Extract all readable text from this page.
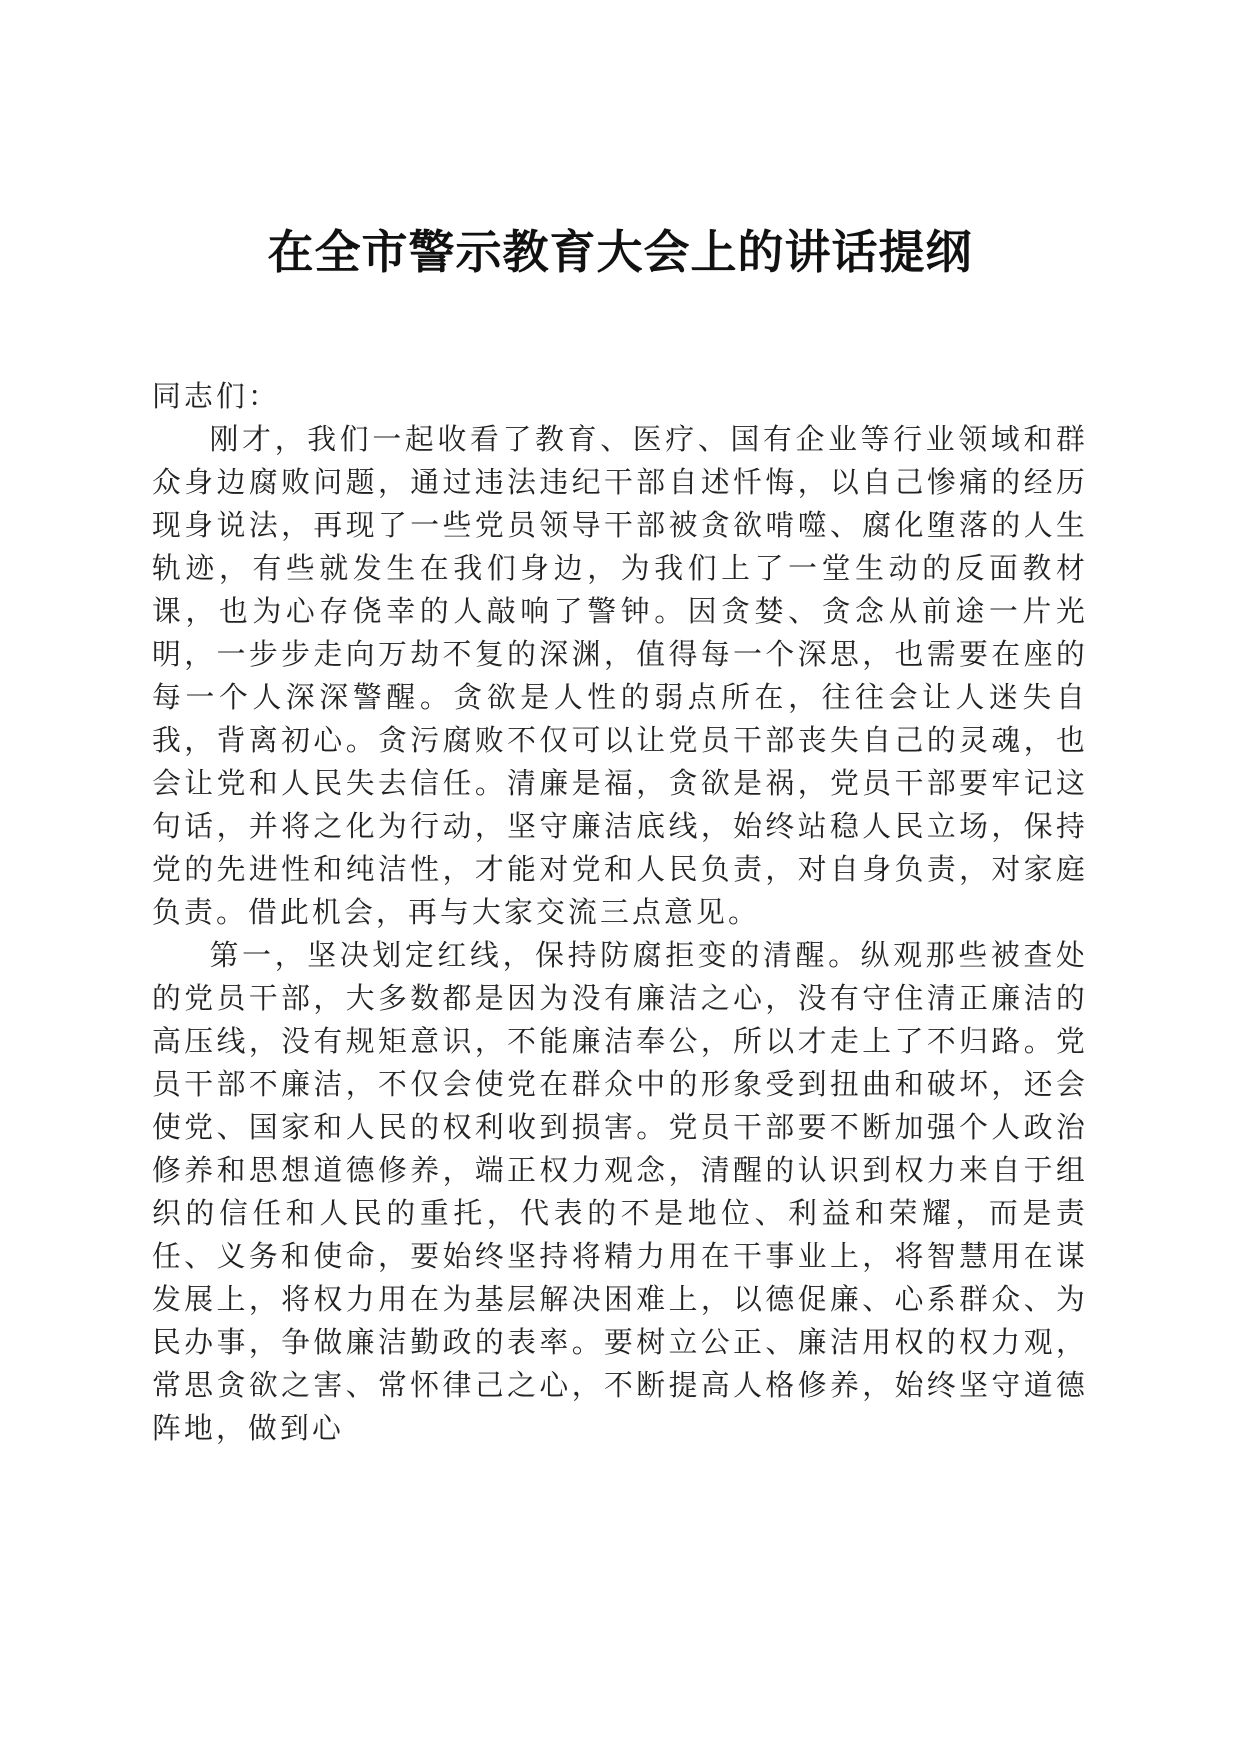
在全市警示教育大会上的讲话提纲

同志们：

刚才，我们一起收看了教育、医疗、国有企业等行业领域和群众身边腐败问题，通过违法违纪干部自述忏悔，以自己惨痛的经历现身说法，再现了一些党员领导干部被贪欲啃噬、腐化堕落的人生轨迹，有些就发生在我们身边，为我们上了一堂生动的反面教材课，也为心存侥幸的人敲响了警钟。因贪婪、贪念从前途一片光明，一步步走向万劫不复的深渊，值得每一个深思，也需要在座的每一个人深深警醒。贪欲是人性的弱点所在，往往会让人迷失自我，背离初心。贪污腐败不仅可以让党员干部丧失自己的灵魂，也会让党和人民失去信任。清廉是福，贪欲是祸，党员干部要牢记这句话，并将之化为行动，坚守廉洁底线，始终站稳人民立场，保持党的先进性和纯洁性，才能对党和人民负责，对自身负责，对家庭负责。借此机会，再与大家交流三点意见。

第一，坚决划定红线，保持防腐拒变的清醒。纵观那些被查处的党员干部，大多数都是因为没有廉洁之心，没有守住清正廉洁的高压线，没有规矩意识，不能廉洁奉公，所以才走上了不归路。党员干部不廉洁，不仅会使党在群众中的形象受到扭曲和破坏，还会使党、国家和人民的权利收到损害。党员干部要不断加强个人政治修养和思想道德修养，端正权力观念，清醒的认识到权力来自于组织的信任和人民的重托，代表的不是地位、利益和荣耀，而是责任、义务和使命，要始终坚持将精力用在干事业上，将智慧用在谋发展上，将权力用在为基层解决困难上，以德促廉、心系群众、为民办事，争做廉洁勤政的表率。要树立公正、廉洁用权的权力观，常思贪欲之害、常怀律己之心，不断提高人格修养，始终坚守道德阵地，做到心
